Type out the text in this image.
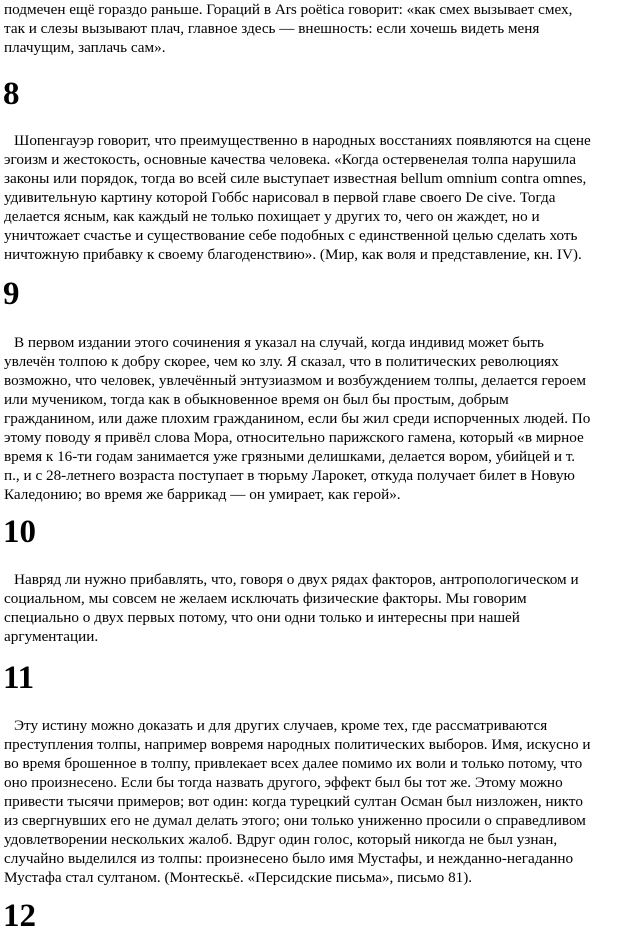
подмечен ещё гораздо раньше. Гораций в Ars poëtica говорит: «как смех вызывает смех,
так и слезы вызывают плач, главное здесь — внешность: если хочешь видеть меня
плачущим, заплачь сам».
8
Шопенгауэр говорит, что преимущественно в народных восстаниях появляются на сцене
эгоизм и жестокость, основные качества человека. «Когда остервенелая толпа нарушила
законы или порядок, тогда во всей силе выступает известная bellum omnium contra omnes,
удивительную картину которой Гоббс нарисовал в первой главе своего De cive. Тогда
делается ясным, как каждый не только похищает у других то, чего он жаждет, но и
уничтожает счастье и существование себе подобных с единственной целью сделать хоть
ничтожную прибавку к своему благоденствию». (Мир, как воля и представление, кн. IV).
9
В первом издании этого сочинения я указал на случай, когда индивид может быть
увлечён толпою к добру скорее, чем ко злу. Я сказал, что в политических революциях
возможно, что человек, увлечённый энтузиазмом и возбуждением толпы, делается героем
или мучеником, тогда как в обыкновенное время он был бы простым, добрым
гражданином, или даже плохим гражданином, если бы жил среди испорченных людей. По
этому поводу я привёл слова Мора, относительно парижского гамена, который «в мирное
время к 16-ти годам занимается уже грязными делишками, делается вором, убийцей и т.
п., и с 28-летнего возраста поступает в тюрьму Ларокет, откуда получает билет в Новую
Каледонию; во время же баррикад — он умирает, как герой».
10
Навряд ли нужно прибавлять, что, говоря о двух рядах факторов, антропологическом и
социальном, мы совсем не желаем исключать физические факторы. Мы говорим
специально о двух первых потому, что они одни только и интересны при нашей
аргументации.
11
Эту истину можно доказать и для других случаев, кроме тех, где рассматриваются
преступления толпы, например вовремя народных политических выборов. Имя, искусно и
во время брошенное в толпу, привлекает всех далее помимо их воли и только потому, что
оно произнесено. Если бы тогда назвать другого, эффект был бы тот же. Этому можно
привести тысячи примеров; вот один: когда турецкий султан Осман был низложен, никто
из свергнувших его не думал делать этого; они только униженно просили о справедливом
удовлетворении нескольких жалоб. Вдруг один голос, который никогда не был узнан,
случайно выделился из толпы: произнесено было имя Мустафы, и нежданно-негаданно
Мустафа стал султаном. (Монтескьё. «Персидские письма», письмо 81).
12
